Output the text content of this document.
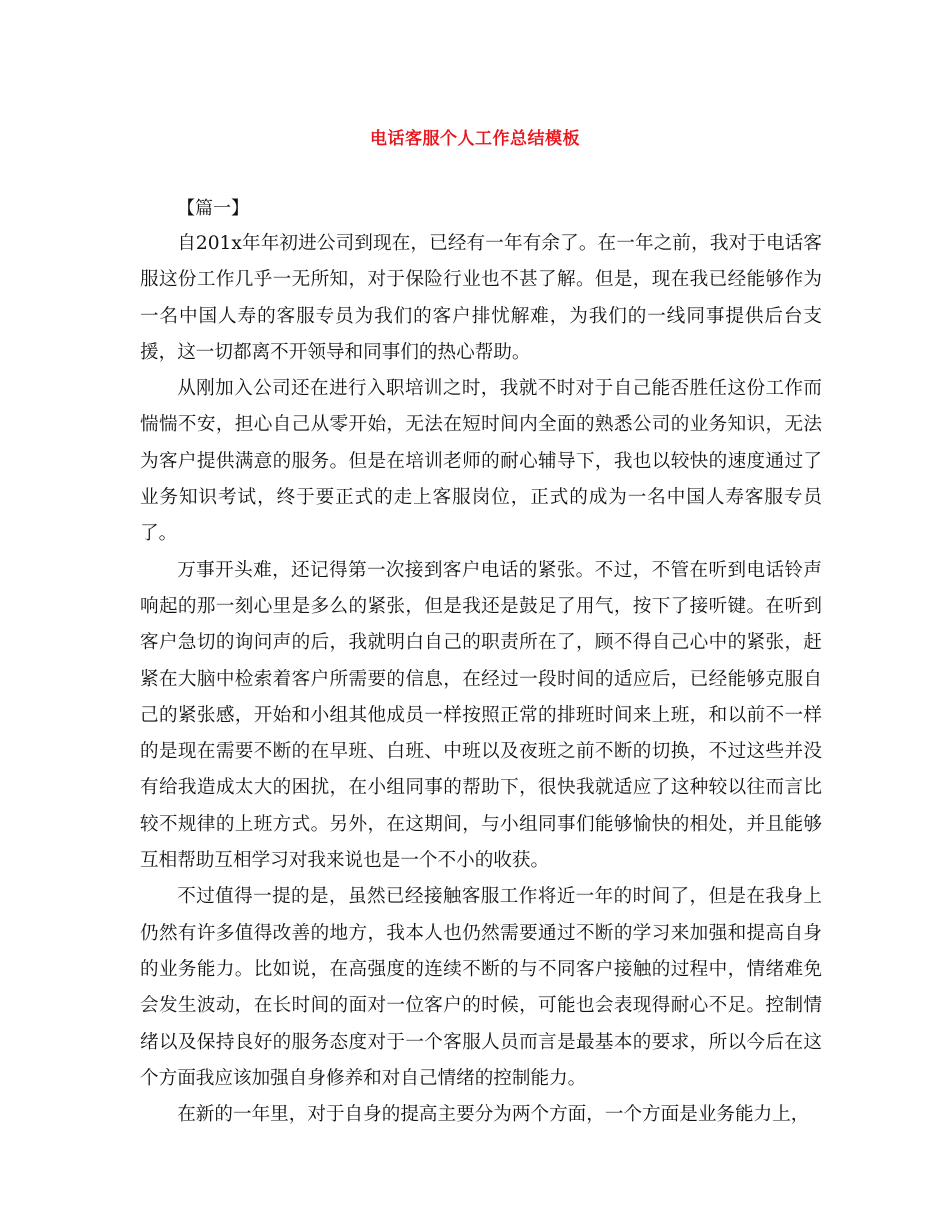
电话客服个人工作总结模板
【篇一】

自201x年年初进公司到现在，已经有一年有余了。在一年之前，我对于电话客服这份工作几乎一无所知，对于保险行业也不甚了解。但是，现在我已经能够作为一名中国人寿的客服专员为我们的客户排忧解难，为我们的一线同事提供后台支援，这一切都离不开领导和同事们的热心帮助。

从刚加入公司还在进行入职培训之时，我就不时对于自己能否胜任这份工作而惴惴不安，担心自己从零开始，无法在短时间内全面的熟悉公司的业务知识，无法为客户提供满意的服务。但是在培训老师的耐心辅导下，我也以较快的速度通过了业务知识考试，终于要正式的走上客服岗位，正式的成为一名中国人寿客服专员了。

万事开头难，还记得第一次接到客户电话的紧张。不过，不管在听到电话铃声响起的那一刻心里是多么的紧张，但是我还是鼓足了用气，按下了接听键。在听到客户急切的询问声的后，我就明白自己的职责所在了，顾不得自己心中的紧张，赶紧在大脑中检索着客户所需要的信息，在经过一段时间的适应后，已经能够克服自己的紧张感，开始和小组其他成员一样按照正常的排班时间来上班，和以前不一样的是现在需要不断的在早班、白班、中班以及夜班之前不断的切换，不过这些并没有给我造成太大的困扰，在小组同事的帮助下，很快我就适应了这种较以往而言比较不规律的上班方式。另外，在这期间，与小组同事们能够愉快的相处，并且能够互相帮助互相学习对我来说也是一个不小的收获。

不过值得一提的是，虽然已经接触客服工作将近一年的时间了，但是在我身上仍然有许多值得改善的地方，我本人也仍然需要通过不断的学习来加强和提高自身的业务能力。比如说，在高强度的连续不断的与不同客户接触的过程中，情绪难免会发生波动，在长时间的面对一位客户的时候，可能也会表现得耐心不足。控制情绪以及保持良好的服务态度对于一个客服人员而言是最基本的要求，所以今后在这个方面我应该加强自身修养和对自己情绪的控制能力。

在新的一年里，对于自身的提高主要分为两个方面，一个方面是业务能力上，
